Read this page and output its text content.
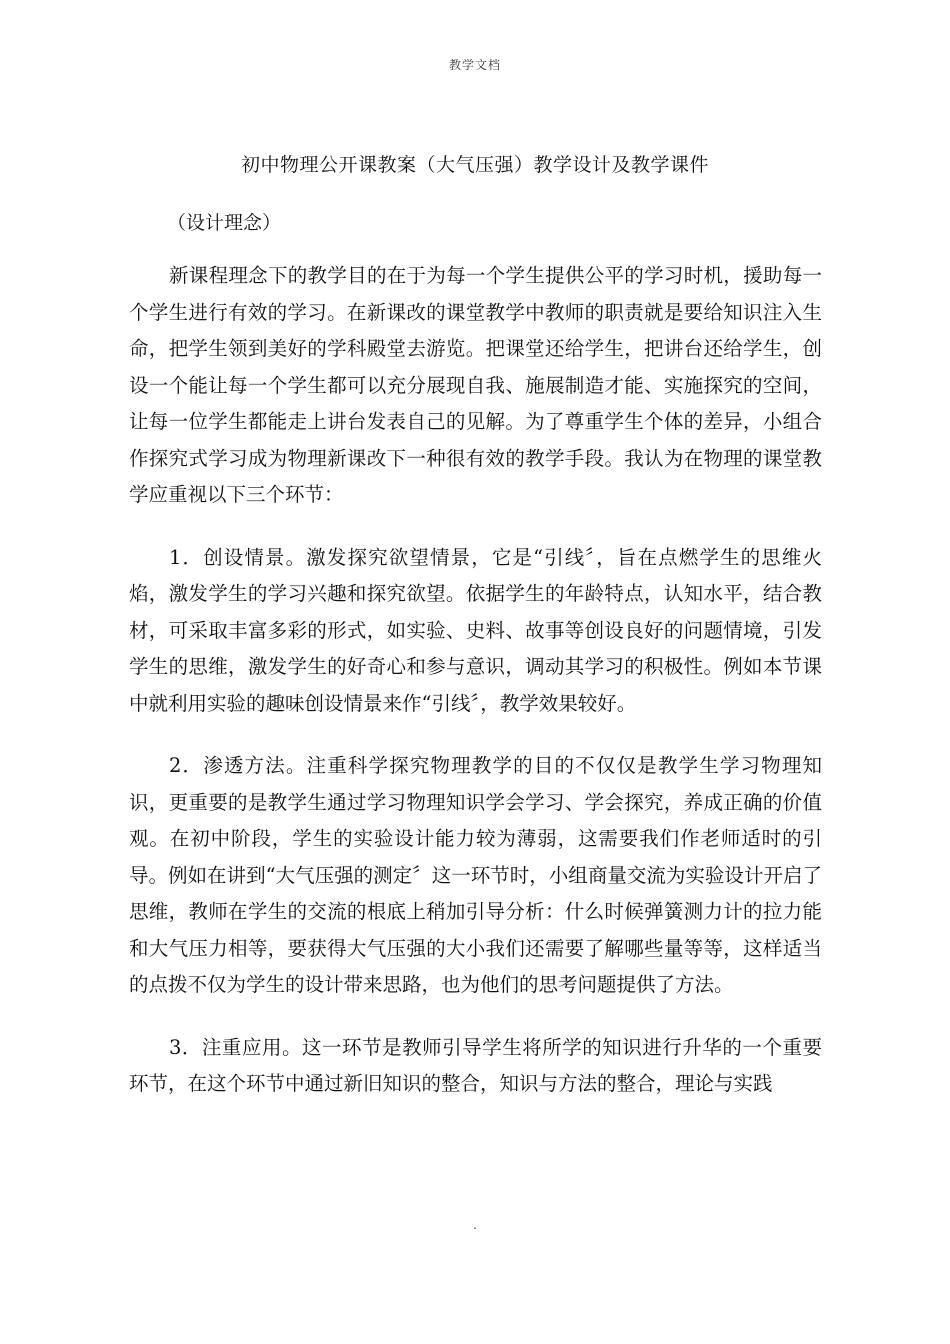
教学文档
初中物理公开课教案（大气压强）教学设计及教学课件
（设计理念）

新课程理念下的教学目的在于为每一个学生提供公平的学习时机，援助每一个学生进行有效的学习。在新课改的课堂教学中教师的职责就是要给知识注入生命，把学生领到美好的学科殿堂去游览。把课堂还给学生，把讲台还给学生，创设一个能让每一个学生都可以充分展现自我、施展制造才能、实施探究的空间，让每一位学生都能走上讲台发表自己的见解。为了尊重学生个体的差异，小组合作探究式学习成为物理新课改下一种很有效的教学手段。我认为在物理的课堂教学应重视以下三个环节：

1．创设情景。激发探究欲望情景，它是“引线〞，旨在点燃学生的思维火焰，激发学生的学习兴趣和探究欲望。依据学生的年龄特点，认知水平，结合教材，可采取丰富多彩的形式，如实验、史料、故事等创设良好的问题情境，引发学生的思维，激发学生的好奇心和参与意识，调动其学习的积极性。例如本节课中就利用实验的趣味创设情景来作“引线〞，教学效果较好。

2．渗透方法。注重科学探究物理教学的目的不仅仅是教学生学习物理知识，更重要的是教学生通过学习物理知识学会学习、学会探究，养成正确的价值观。在初中阶段，学生的实验设计能力较为薄弱，这需要我们作老师适时的引导。例如在讲到“大气压强的测定〞这一环节时，小组商量交流为实验设计开启了思维，教师在学生的交流的根底上稍加引导分析：什么时候弹簧测力计的拉力能和大气压力相等，要获得大气压强的大小我们还需要了解哪些量等等，这样适当的点拨不仅为学生的设计带来思路，也为他们的思考问题提供了方法。

3．注重应用。这一环节是教师引导学生将所学的知识进行升华的一个重要环节，在这个环节中通过新旧知识的整合，知识与方法的整合，理论与实践

.
